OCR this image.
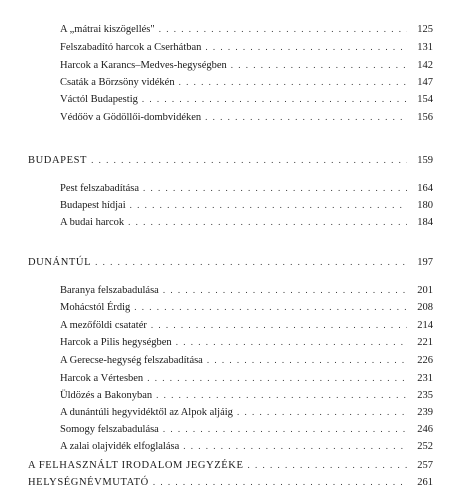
A „mátrai kiszögellés" . . .	125
Felszabadító harcok a Cserhátban . . .	131
Harcok a Karancs–Medves-hegységben . . .	142
Csaták a Börzsöny vidékén . . .	147
Váctól Budapestig . . .	154
Védőöv a Gödöllői-dombvidéken . . .	156
BUDAPEST . . .	159
Pest felszabadítása . . .	164
Budapest hídjai . . .	180
A budai harcok . . .	184
DUNÁNTÚL . . .	197
Baranya felszabadulása . . .	201
Mohácstól Érdig . . .	208
A mezőföldi csatatér . . .	214
Harcok a Pilis hegységben . . .	221
A Gerecse-hegység felszabadítása . . .	226
Harcok a Vértesben . . .	231
Üldözés a Bakonyban . . .	235
A dunántúli hegyvidéktől az Alpok aljáig . . .	239
Somogy felszabadulása . . .	246
A zalai olajvidék elfoglalása . . .	252
A FELHASZNÁLT IRODALOM JEGYZÉKE . . .	257
HELYSÉGNÉVMUTATÓ . . .	261
